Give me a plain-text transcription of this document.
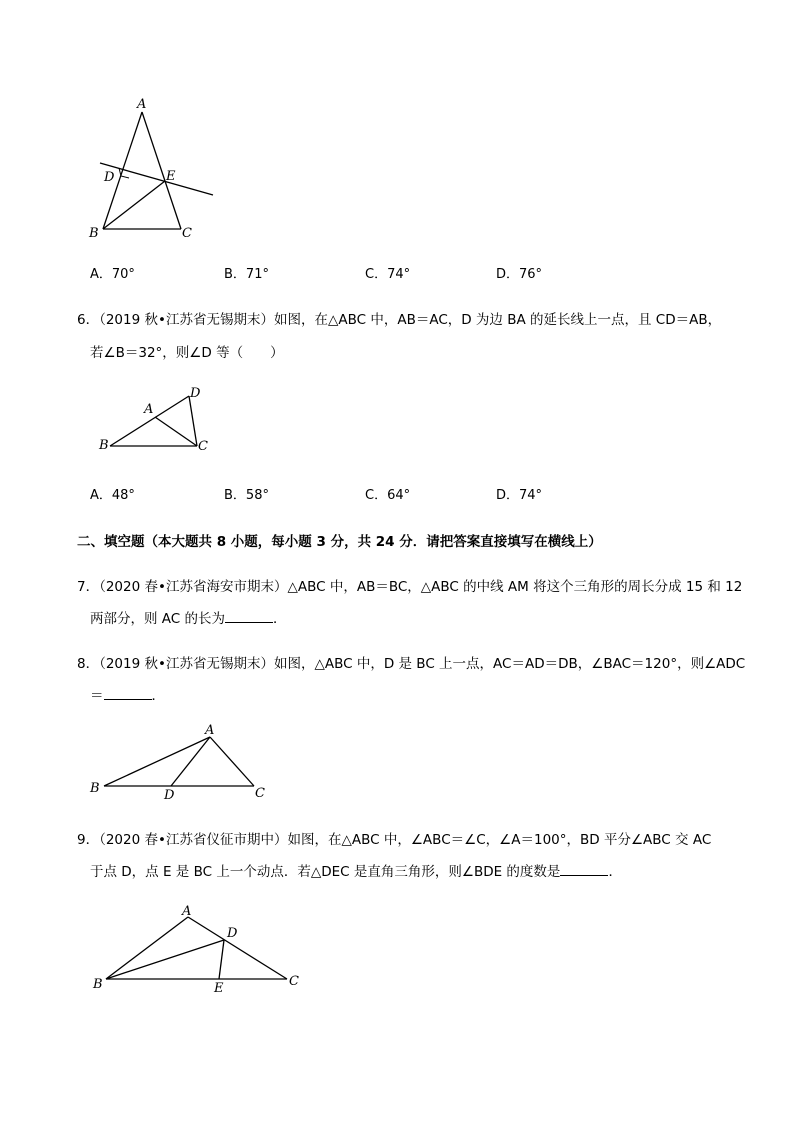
A
D	E
B	C
A．70°	B．71°	C．74°	D．76°
6．（2019 秋•江苏省无锡期末）如图，在△ABC 中，AB＝AC，D 为边 BA 的延长线上一点，且 CD＝AB，
若∠B＝32°，则∠D 等（　　）
A
D
B	C
A．48°	B．58°	C．64°	D．74°
二、填空题（本大题共 8 小题，每小题 3 分，共 24 分．请把答案直接填写在横线上）
7．（2020 春•江苏省海安市期末）△ABC 中，AB＝BC，△ABC 的中线 AM 将这个三角形的周长分成 15 和 12
两部分，则 AC 的长为	．
8．（2019 秋•江苏省无锡期末）如图，△ABC 中，D 是 BC 上一点，AC＝AD＝DB，∠BAC＝120°，则∠ADC
＝	．
A
B	D	C
9．（2020 春•江苏省仪征市期中）如图，在△ABC 中，∠ABC＝∠C，∠A＝100°，BD 平分∠ABC 交 AC
于点 D，点 E 是 BC 上一个动点．若△DEC 是直角三角形，则∠BDE 的度数是	．
A
D
B	E	C
